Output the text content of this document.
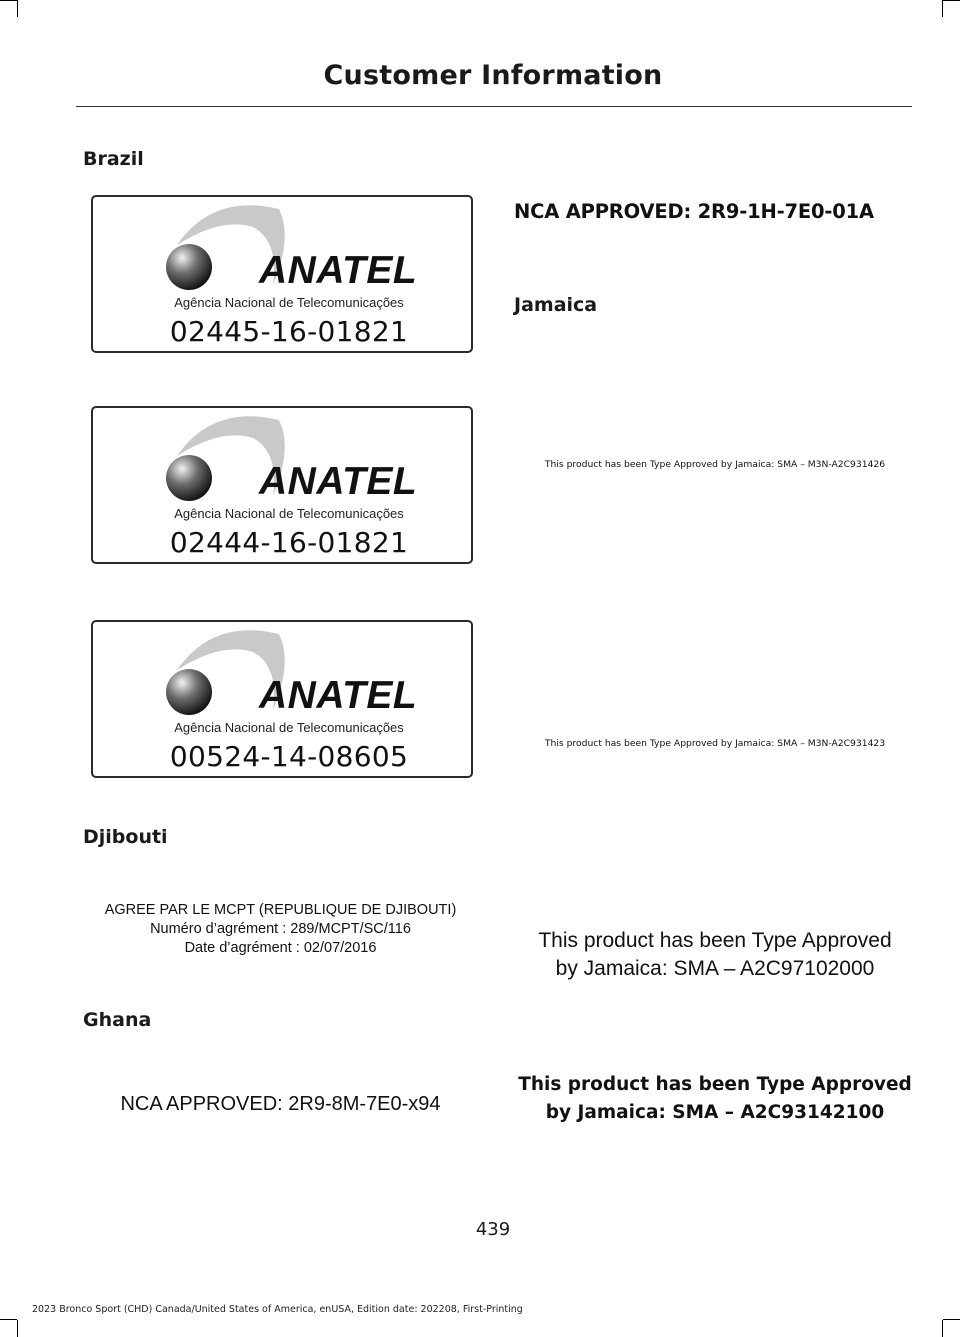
Customer Information
Brazil
ANATEL
Agência Nacional de Telecomunicações
02445-16-01821
ANATEL
Agência Nacional de Telecomunicações
02444-16-01821
ANATEL
Agência Nacional de Telecomunicações
00524-14-08605
Djibouti
AGREE PAR LE MCPT (REPUBLIQUE DE DJIBOUTI)
Numéro d’agrément : 289/MCPT/SC/116
Date d’agrément : 02/07/2016
Ghana
NCA APPROVED: 2R9-8M-7E0-x94
NCA APPROVED: 2R9-1H-7E0-01A
Jamaica
This product has been Type Approved by Jamaica: SMA – M3N-A2C931426
This product has been Type Approved by Jamaica: SMA – M3N-A2C931423
This product has been Type Approved
by Jamaica: SMA – A2C97102000
This product has been Type Approved
by Jamaica: SMA – A2C93142100
439
2023 Bronco Sport (CHD) Canada/United States of America, enUSA, Edition date: 202208, First-Printing
